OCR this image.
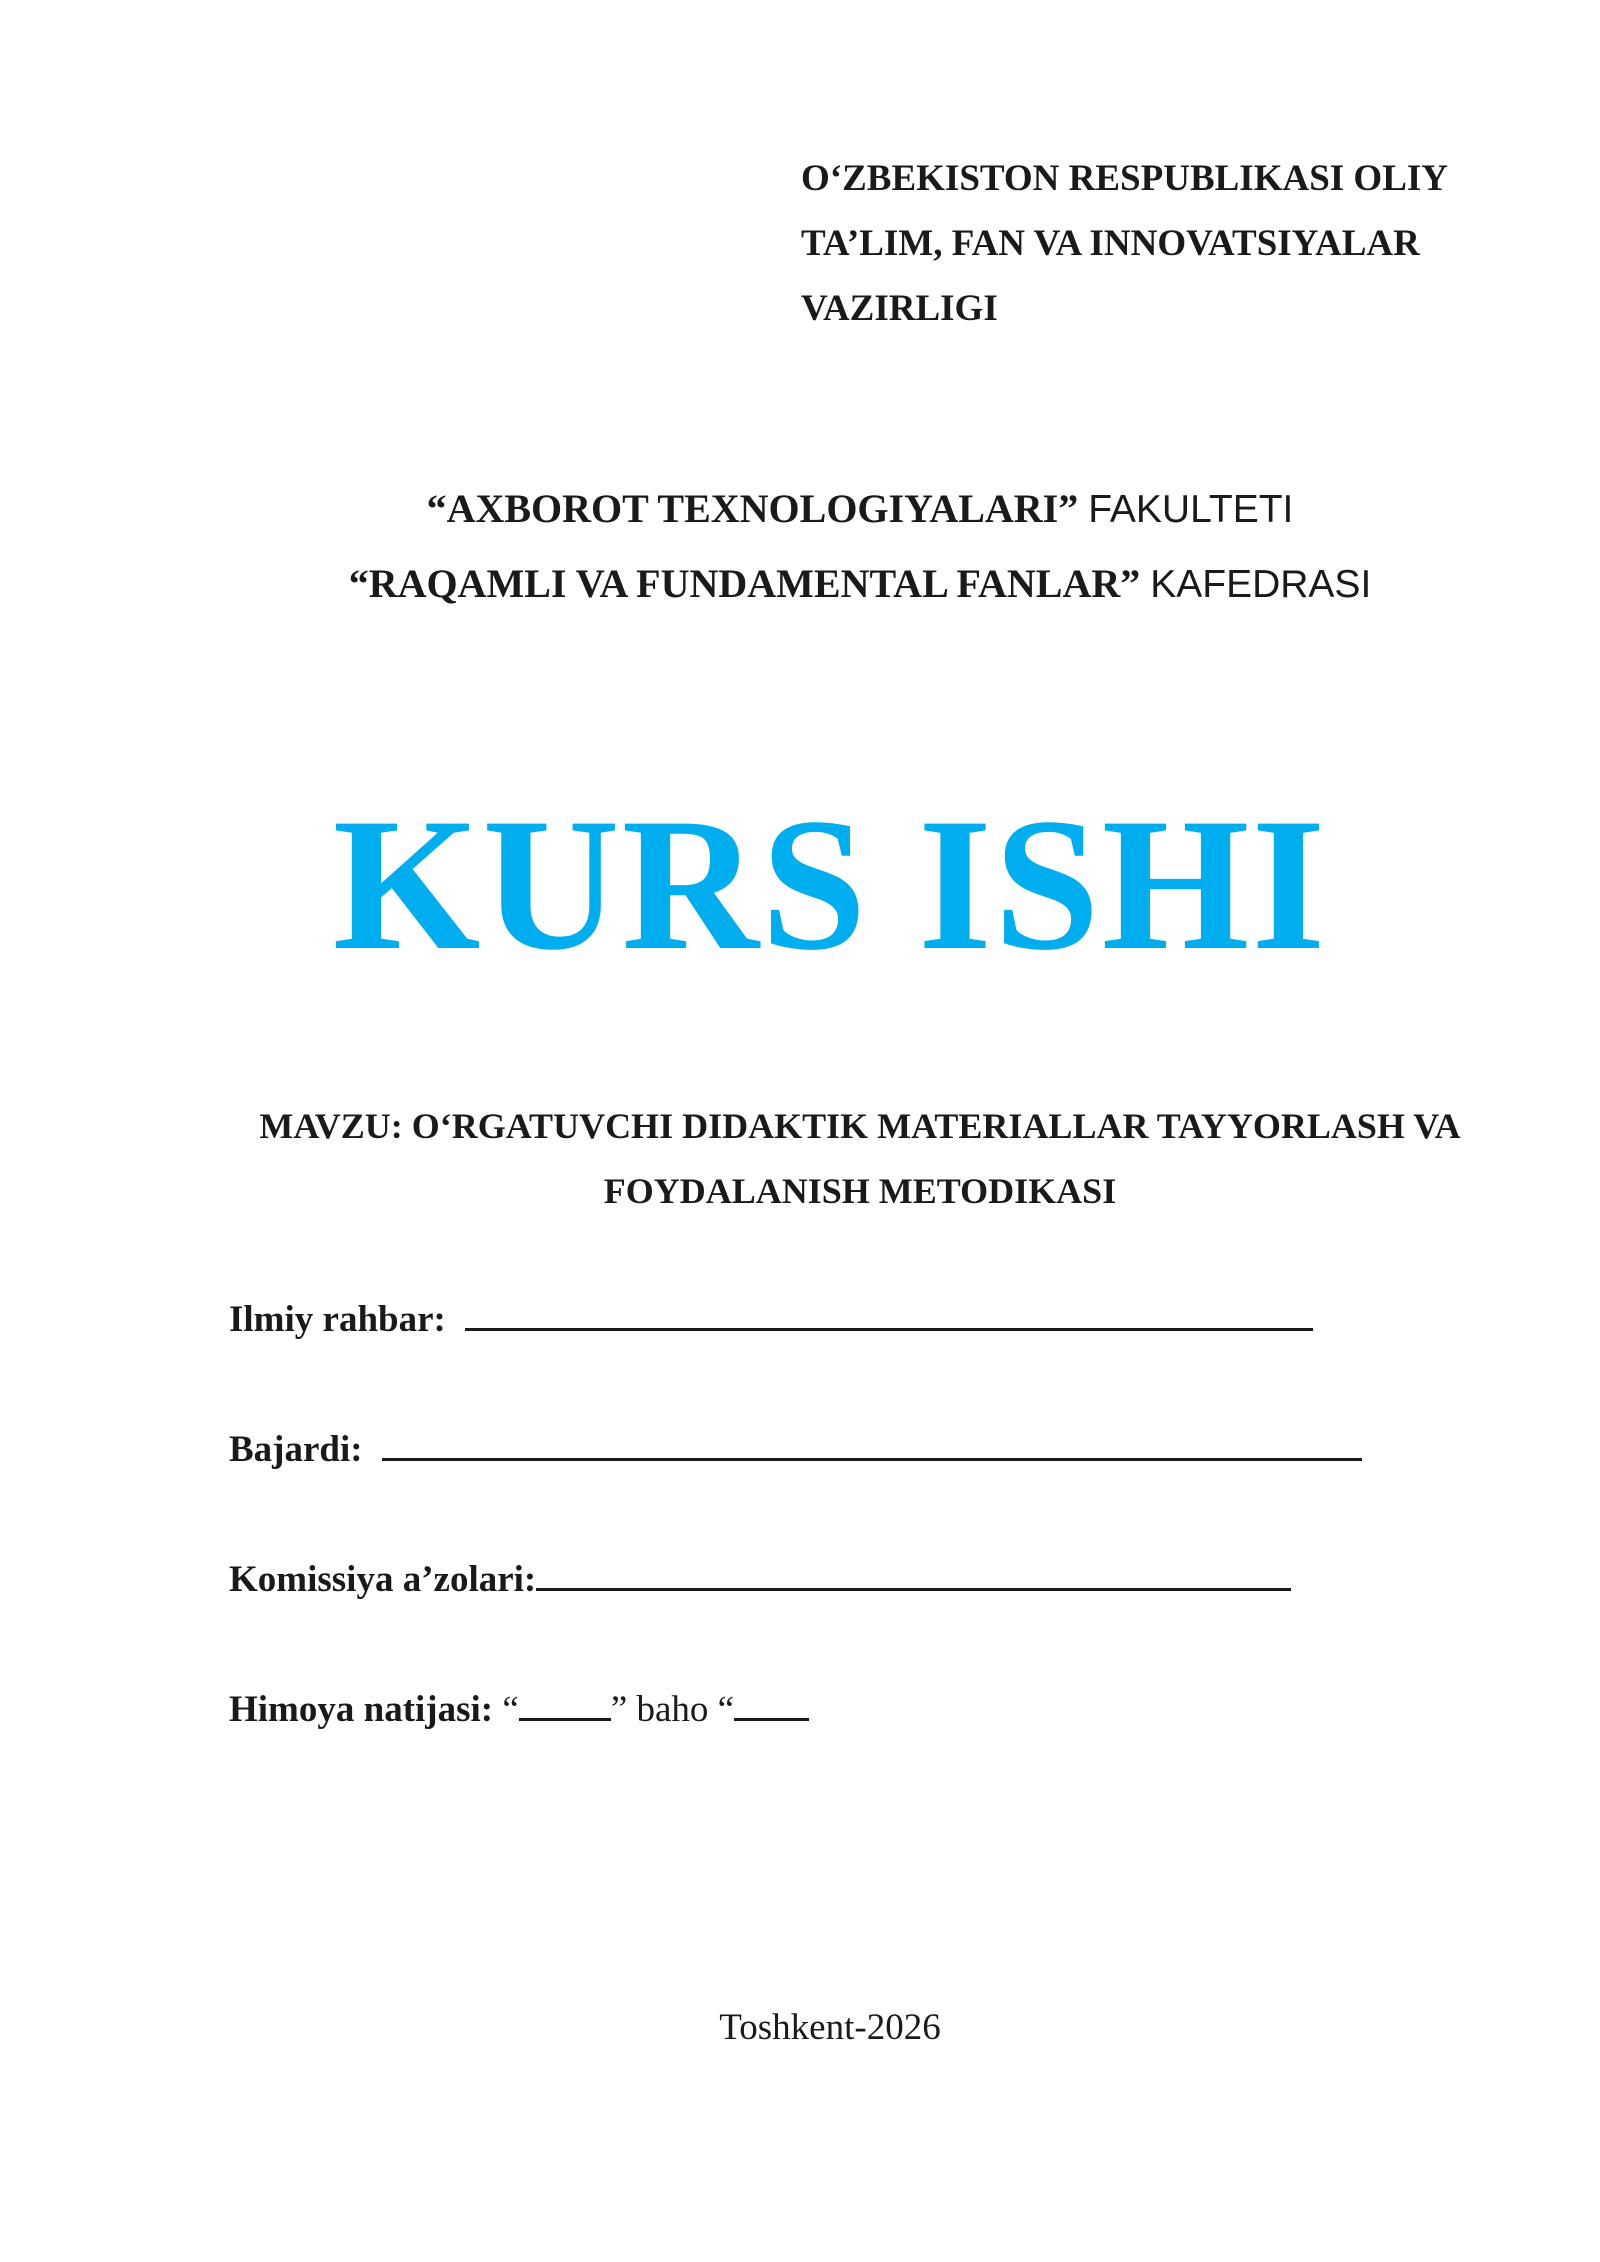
O‘ZBEKISTON RESPUBLIKASI OLIY
TA’LIM, FAN VA INNOVATSIYALAR
VAZIRLIGI
“AXBOROT TEXNOLOGIYALARI” FAKULTETI
“RAQAMLI VA FUNDAMENTAL FANLAR” KAFEDRASI
KURS ISHI
MAVZU: O‘RGATUVCHI DIDAKTIK MATERIALLAR TAYYORLASH VA
FOYDALANISH METODIKASI
Ilmiy rahbar:
Bajardi:
Komissiya a’zolari:
Himoya natijasi: “ ” baho “
Toshkent-2026
